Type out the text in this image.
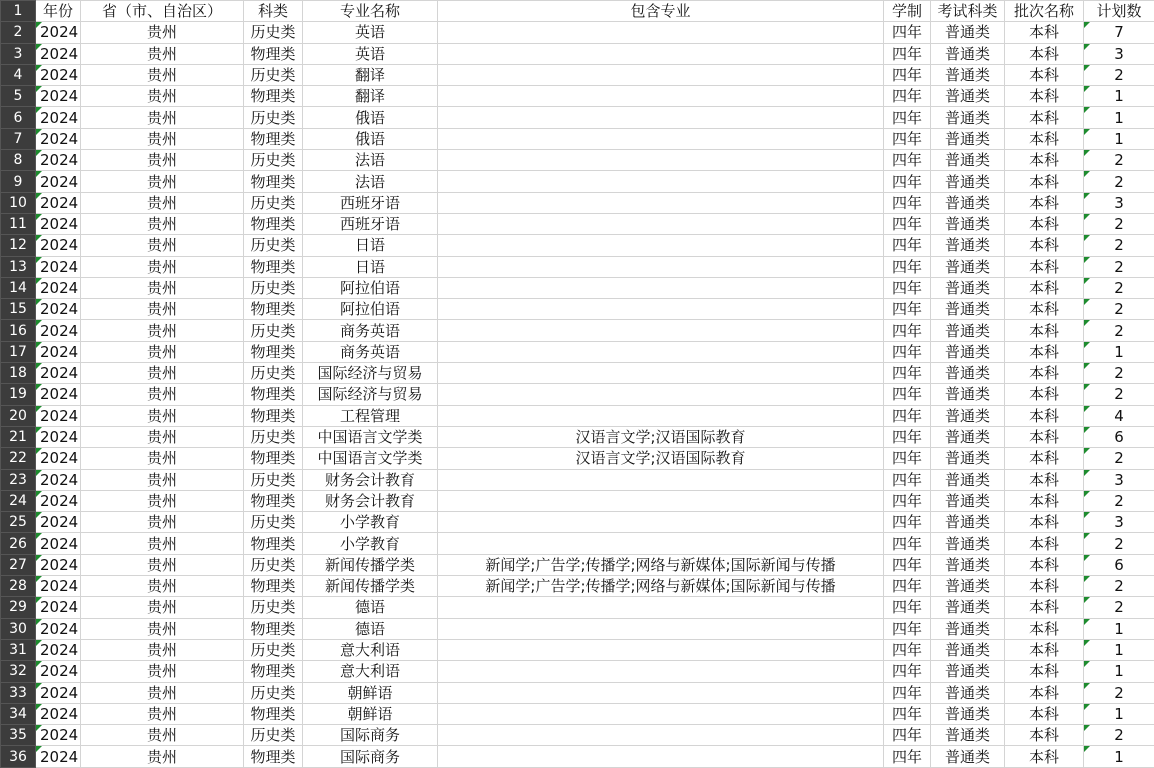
1	年份	省（市、自治区）	科类	专业名称	包含专业	学制	考试科类	批次名称	计划数
2	2024	贵州	历史类	英语		四年	普通类	本科	7
3	2024	贵州	物理类	英语		四年	普通类	本科	3
4	2024	贵州	历史类	翻译		四年	普通类	本科	2
5	2024	贵州	物理类	翻译		四年	普通类	本科	1
6	2024	贵州	历史类	俄语		四年	普通类	本科	1
7	2024	贵州	物理类	俄语		四年	普通类	本科	1
8	2024	贵州	历史类	法语		四年	普通类	本科	2
9	2024	贵州	物理类	法语		四年	普通类	本科	2
10	2024	贵州	历史类	西班牙语		四年	普通类	本科	3
11	2024	贵州	物理类	西班牙语		四年	普通类	本科	2
12	2024	贵州	历史类	日语		四年	普通类	本科	2
13	2024	贵州	物理类	日语		四年	普通类	本科	2
14	2024	贵州	历史类	阿拉伯语		四年	普通类	本科	2
15	2024	贵州	物理类	阿拉伯语		四年	普通类	本科	2
16	2024	贵州	历史类	商务英语		四年	普通类	本科	2
17	2024	贵州	物理类	商务英语		四年	普通类	本科	1
18	2024	贵州	历史类	国际经济与贸易		四年	普通类	本科	2
19	2024	贵州	物理类	国际经济与贸易		四年	普通类	本科	2
20	2024	贵州	物理类	工程管理		四年	普通类	本科	4
21	2024	贵州	历史类	中国语言文学类	汉语言文学;汉语国际教育	四年	普通类	本科	6
22	2024	贵州	物理类	中国语言文学类	汉语言文学;汉语国际教育	四年	普通类	本科	2
23	2024	贵州	历史类	财务会计教育		四年	普通类	本科	3
24	2024	贵州	物理类	财务会计教育		四年	普通类	本科	2
25	2024	贵州	历史类	小学教育		四年	普通类	本科	3
26	2024	贵州	物理类	小学教育		四年	普通类	本科	2
27	2024	贵州	历史类	新闻传播学类	新闻学;广告学;传播学;网络与新媒体;国际新闻与传播	四年	普通类	本科	6
28	2024	贵州	物理类	新闻传播学类	新闻学;广告学;传播学;网络与新媒体;国际新闻与传播	四年	普通类	本科	2
29	2024	贵州	历史类	德语		四年	普通类	本科	2
30	2024	贵州	物理类	德语		四年	普通类	本科	1
31	2024	贵州	历史类	意大利语		四年	普通类	本科	1
32	2024	贵州	物理类	意大利语		四年	普通类	本科	1
33	2024	贵州	历史类	朝鲜语		四年	普通类	本科	2
34	2024	贵州	物理类	朝鲜语		四年	普通类	本科	1
35	2024	贵州	历史类	国际商务		四年	普通类	本科	2
36	2024	贵州	物理类	国际商务		四年	普通类	本科	1
